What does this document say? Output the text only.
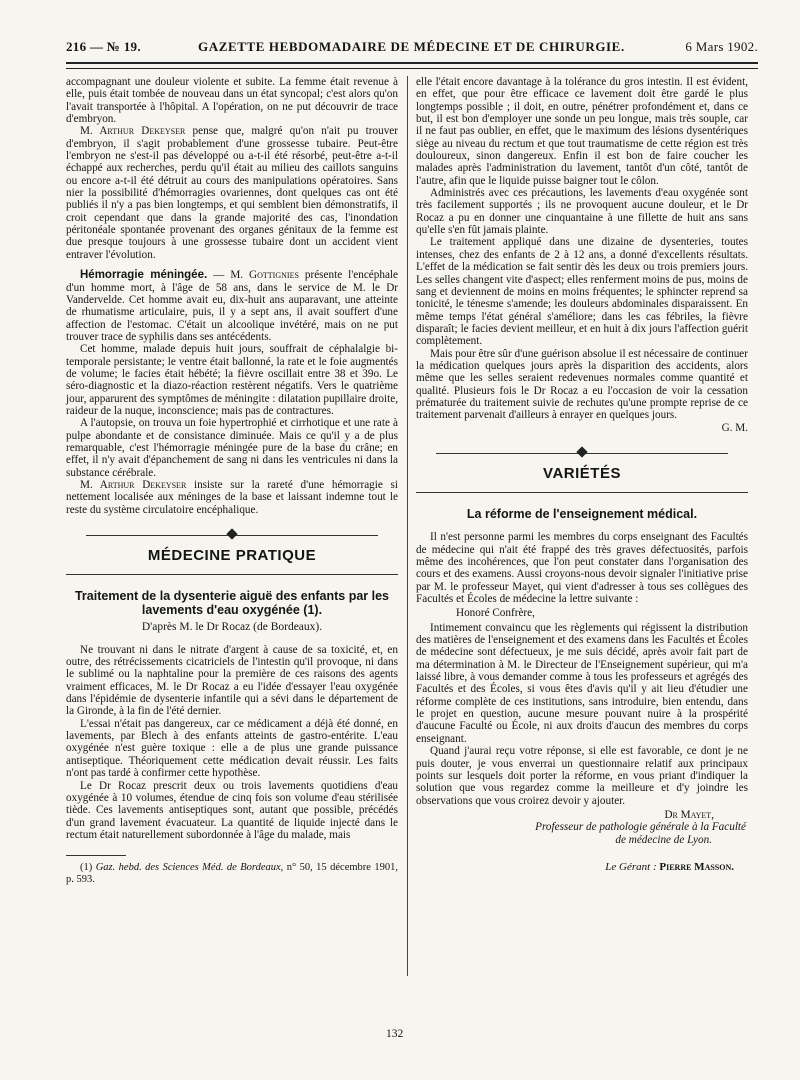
216 — № 19.	GAZETTE HEBDOMADAIRE DE MÉDECINE ET DE CHIRURGIE.	6 Mars 1902.

accompagnant une douleur violente et subite. La femme était revenue à elle, puis était tombée de nouveau dans un état syncopal; c'est alors qu'on l'avait transportée à l'hôpital. A l'opération, on ne put découvrir de trace d'embryon.

M. Arthur Dekeyser pense que, malgré qu'on n'ait pu trouver d'embryon, il s'agit probablement d'une grossesse tubaire. Peut-être l'embryon ne s'est-il pas développé ou a-t-il été résorbé, peut-être a-t-il échappé aux recherches, perdu qu'il était au milieu des caillots sanguins ou encore a-t-il été détruit au cours des manipulations opératoires. Sans nier la possibilité d'hémorragies ovariennes, dont quelques cas ont été publiés il n'y a pas bien longtemps, et qui semblent bien démonstratifs, il croit cependant que dans la grande majorité des cas, l'inondation péritonéale spontanée provenant des organes génitaux de la femme est due presque toujours à une grossesse tubaire dont un accident vient entraver l'évolution.

Hémorragie méningée. — M. Gottignies présente l'encéphale d'un homme mort, à l'âge de 58 ans, dans le service de M. le Dr Vandervelde. Cet homme avait eu, dix-huit ans auparavant, une atteinte de rhumatisme articulaire, puis, il y a sept ans, il avait souffert d'une affection de l'estomac. C'était un alcoolique invétéré, mais on ne put trouver trace de syphilis dans ses antécédents.

Cet homme, malade depuis huit jours, souffrait de céphalalgie bi-temporale persistante; le ventre était ballonné, la rate et le foie augmentés de volume; le facies était hébété; la fièvre oscillait entre 38 et 39o. Le séro-diagnostic et la diazo-réaction restèrent négatifs. Vers le quatrième jour, apparurent des symptômes de méningite : dilatation pupillaire droite, raideur de la nuque, inconscience; mais pas de contractures.

A l'autopsie, on trouva un foie hypertrophié et cirrhotique et une rate à pulpe abondante et de consistance diminuée. Mais ce qu'il y a de plus remarquable, c'est l'hémorragie méningée pure de la base du crâne; en effet, il n'y avait d'épanchement de sang ni dans les ventricules ni dans la substance cérébrale.

M. Arthur Dekeyser insiste sur la rareté d'une hémorragie si nettement localisée aux méninges de la base et laissant indemne tout le reste du système circulatoire encéphalique.

MÉDECINE PRATIQUE
Traitement de la dysenterie aiguë des enfants par les lavements d'eau oxygénée (1).
D'après M. le Dr Rocaz (de Bordeaux).

Ne trouvant ni dans le nitrate d'argent à cause de sa toxicité, et, en outre, des rétrécissements cicatriciels de l'intestin qu'il provoque, ni dans le sublimé ou la naphtaline pour la première de ces raisons des agents vraiment efficaces, M. le Dr Rocaz a eu l'idée d'essayer l'eau oxygénée dans l'épidémie de dysenterie infantile qui a sévi dans le département de la Gironde, à la fin de l'été dernier.

L'essai n'était pas dangereux, car ce médicament a déjà été donné, en lavements, par Blech à des enfants atteints de gastro-entérite. L'eau oxygénée n'est guère toxique : elle a de plus une grande puissance antiseptique. Théoriquement cette médication devait réussir. Les faits n'ont pas tardé à confirmer cette hypothèse.

Le Dr Rocaz prescrit deux ou trois lavements quotidiens d'eau oxygénée à 10 volumes, étendue de cinq fois son volume d'eau stérilisée tiède. Ces lavements antiseptiques sont, autant que possible, précédés d'un grand lavement évacuateur. La quantité de liquide injecté dans le rectum était naturellement subordonnée à l'âge du malade, mais

(1) Gaz. hebd. des Sciences Méd. de Bordeaux, n° 50, 15 décembre 1901, p. 593.

elle l'était encore davantage à la tolérance du gros intestin. Il est évident, en effet, que pour être efficace ce lavement doit être gardé le plus longtemps possible ; il doit, en outre, pénétrer profondément et, dans ce but, il est bon d'employer une sonde un peu longue, mais très souple, car il ne faut pas oublier, en effet, que le maximum des lésions dysentériques siège au niveau du rectum et que tout traumatisme de cette région est très douloureux, sinon dangereux. Enfin il est bon de faire coucher les malades après l'administration du lavement, tantôt d'un côté, tantôt de l'autre, afin que le liquide puisse baigner tout le côlon.

Administrés avec ces précautions, les lavements d'eau oxygénée sont très facilement supportés ; ils ne provoquent aucune douleur, et le Dr Rocaz a pu en donner une cinquantaine à une fillette de huit ans sans qu'elle s'en fût jamais plainte.

Le traitement appliqué dans une dizaine de dysenteries, toutes intenses, chez des enfants de 2 à 12 ans, a donné d'excellents résultats. L'effet de la médication se fait sentir dès les deux ou trois premiers jours. Les selles changent vite d'aspect; elles renferment moins de pus, moins de sang et deviennent de moins en moins fréquentes; le sphincter reprend sa tonicité, le ténesme s'amende; les douleurs abdominales disparaissent. En même temps l'état général s'améliore; dans les cas fébriles, la fièvre disparaît; le facies devient meilleur, et en huit à dix jours l'affection guérit complètement.

Mais pour être sûr d'une guérison absolue il est nécessaire de continuer la médication quelques jours après la disparition des accidents, alors même que les selles seraient redevenues normales comme quantité et qualité. Plusieurs fois le Dr Rocaz a eu l'occasion de voir la cessation prématurée du traitement suivie de rechutes qu'une prompte reprise de ce traitement parvenait d'ailleurs à enrayer en quelques jours.

G. M.
VARIÉTÉS
La réforme de l'enseignement médical.

Il n'est personne parmi les membres du corps enseignant des Facultés de médecine qui n'ait été frappé des très graves défectuosités, parfois même des incohérences, que l'on peut constater dans l'organisation des cours et des examens. Aussi croyons-nous devoir signaler l'initiative prise par M. le professeur Mayet, qui vient d'adresser à tous ses collègues des Facultés et Écoles de médecine la lettre suivante :

Honoré Confrère,

Intimement convaincu que les règlements qui régissent la distribution des matières de l'enseignement et des examens dans les Facultés et Écoles de médecine sont défectueux, je me suis décidé, après avoir fait part de ma détermination à M. le Directeur de l'Enseignement supérieur, qui m'a laissé libre, à vous demander comme à tous les professeurs et agrégés des Facultés et des Écoles, si vous êtes d'avis qu'il y ait lieu d'étudier une réforme complète de ces institutions, sans introduire, bien entendu, dans le projet en question, aucune mesure pouvant nuire à la prospérité d'aucune Faculté ou École, ni aux droits d'aucun des membres du corps enseignant.

Quand j'aurai reçu votre réponse, si elle est favorable, ce dont je ne puis douter, je vous enverrai un questionnaire relatif aux principaux points sur lesquels doit porter la réforme, en vous priant d'indiquer la solution que vous regardez comme la meilleure et d'y joindre les observations que vous croirez devoir y ajouter.

Dr Mayet,
Professeur de pathologie générale à la Faculté
de médecine de Lyon.
Le Gérant : Pierre Masson.
132
